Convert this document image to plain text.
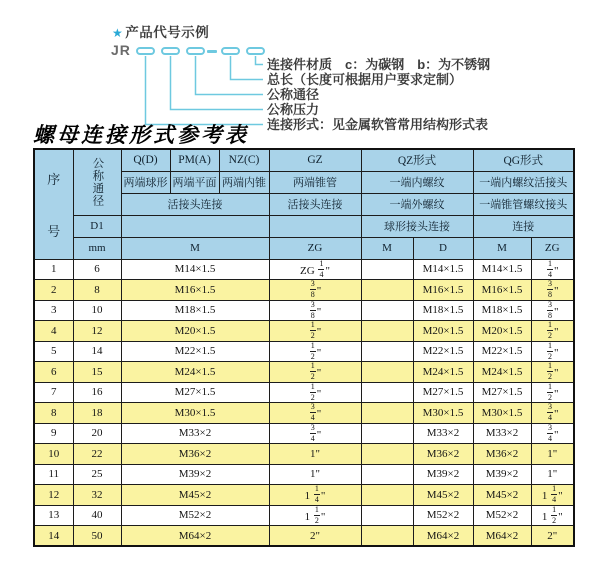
★ 产品代号示例
JR
连接件材质　c：为碳钢　b：为不锈钢
总长（长度可根据用户要求定制）
公称通径
公称压力
连接形式：见金属软管常用结构形式表
螺母连接形式参考表
序
号	公称通径	Q(D)	PM(A)	NZ(C)	GZ	QZ形式		QG形式	
		两端球形	两端平面	两端内锥	两端锥管	一端内螺纹		一端内螺纹活接头	
		活接头连接			活接头连接	一端外螺纹		一端锥管螺纹接头	
	D1					球形接头连接		连接	
	mm	M			ZG	M	D	M	ZG
1	6	M14×1.5			ZG $\frac{1}{4}$ "		M14×1.5	M14×1.5	$\frac{1}{4}$ "
2	8	M16×1.5			$\frac{3}{8}$ "		M16×1.5	M16×1.5	$\frac{3}{8}$ "
3	10	M18×1.5			$\frac{3}{8}$ "		M18×1.5	M18×1.5	$\frac{3}{8}$ "
4	12	M20×1.5			$\frac{1}{2}$ "		M20×1.5	M20×1.5	$\frac{1}{2}$ "
5	14	M22×1.5			$\frac{1}{2}$ "		M22×1.5	M22×1.5	$\frac{1}{2}$ "
6	15	M24×1.5			$\frac{1}{2}$ "		M24×1.5	M24×1.5	$\frac{1}{2}$ "
7	16	M27×1.5			$\frac{1}{2}$ "		M27×1.5	M27×1.5	$\frac{1}{2}$ "
8	18	M30×1.5			$\frac{3}{4}$ "		M30×1.5	M30×1.5	$\frac{3}{4}$ "
9	20	M33×2			$\frac{3}{4}$ "		M33×2	M33×2	$\frac{3}{4}$ "
10	22	M36×2			1"		M36×2	M36×2	1"
11	25	M39×2			1"		M39×2	M39×2	1"
12	32	M45×2			$1 \frac{1}{4}$ "		M45×2	M45×2	$1 \frac{1}{4}$ "
13	40	M52×2			$1 \frac{1}{2}$ "		M52×2	M52×2	$1 \frac{1}{2}$ "
14	50	M64×2			2"		M64×2	M64×2	2"
